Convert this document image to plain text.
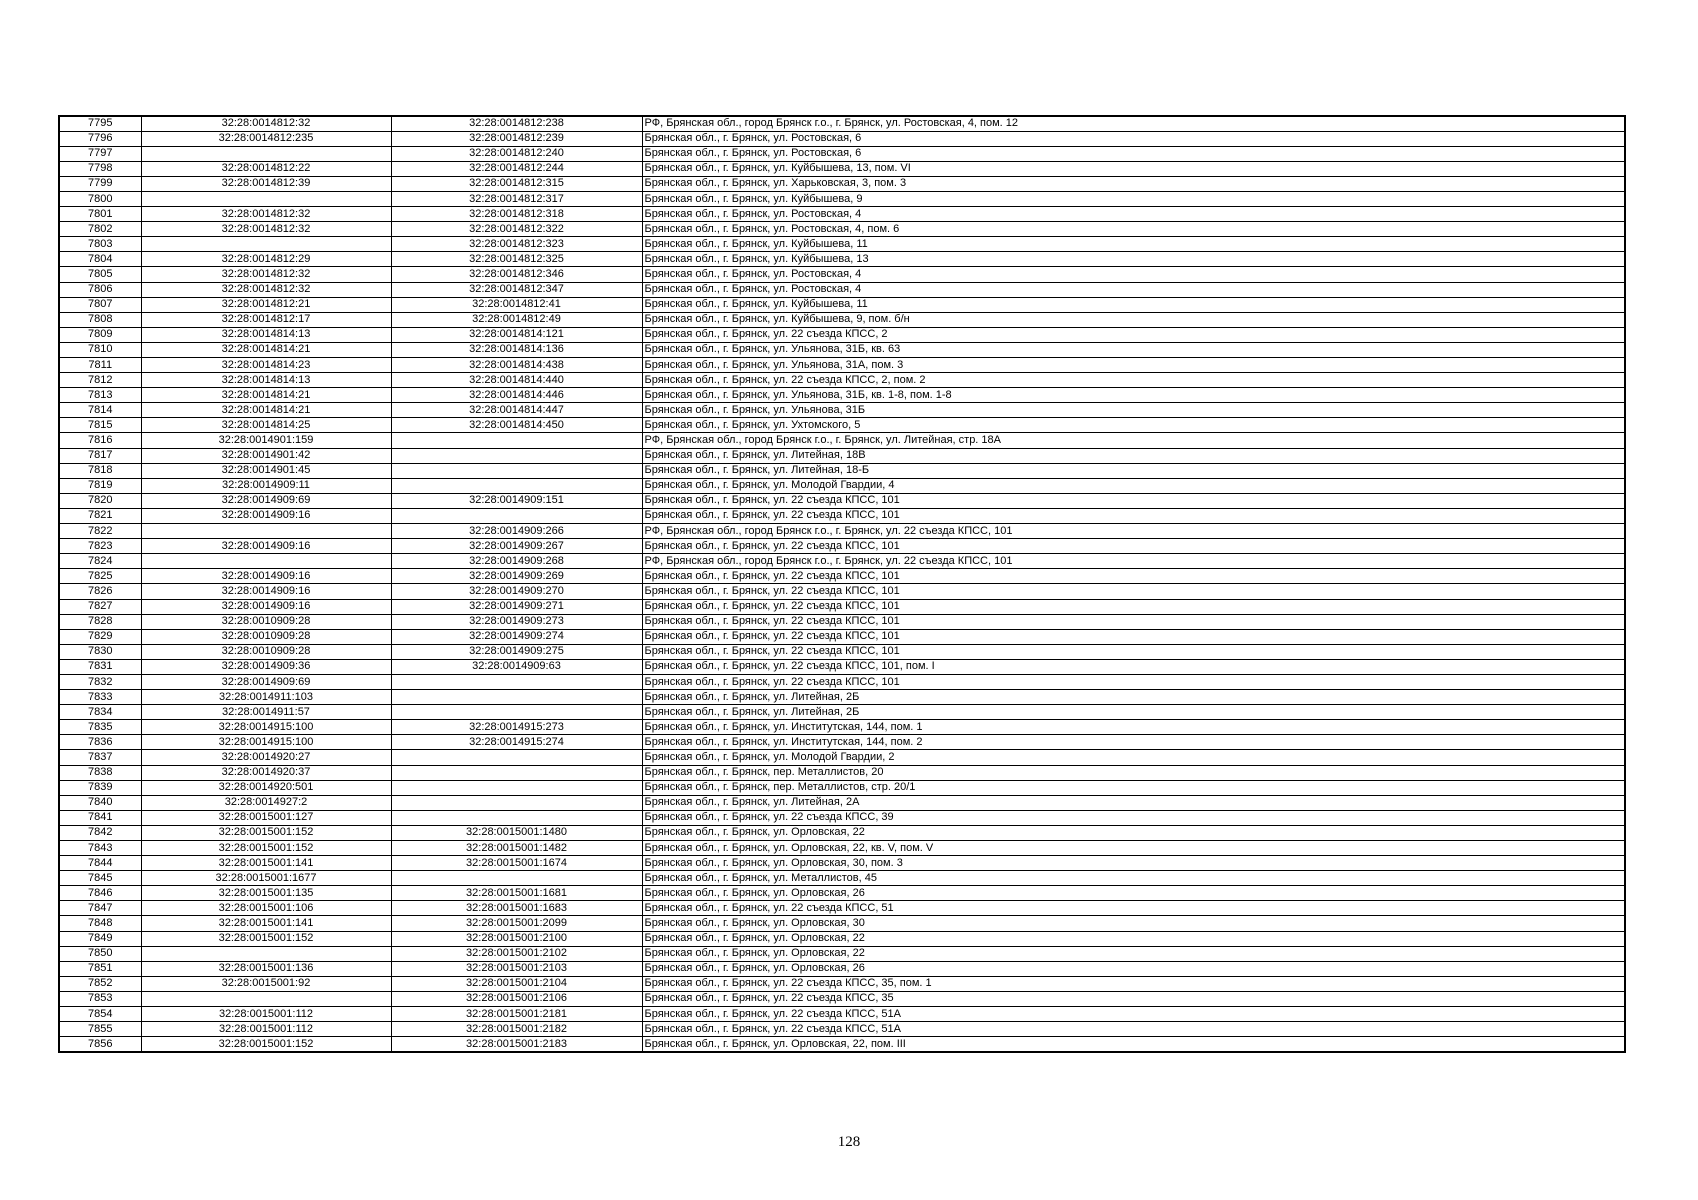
7795	32:28:0014812:32	32:28:0014812:238	РФ, Брянская обл., город Брянск г.о., г. Брянск, ул. Ростовская, 4, пом. 12
7796	32:28:0014812:235	32:28:0014812:239	Брянская обл., г. Брянск, ул. Ростовская, 6
7797		32:28:0014812:240	Брянская обл., г. Брянск, ул. Ростовская, 6
7798	32:28:0014812:22	32:28:0014812:244	Брянская обл., г. Брянск, ул. Куйбышева, 13, пом. VI
7799	32:28:0014812:39	32:28:0014812:315	Брянская обл., г. Брянск, ул. Харьковская, 3, пом. 3
7800		32:28:0014812:317	Брянская обл., г. Брянск, ул. Куйбышева, 9
7801	32:28:0014812:32	32:28:0014812:318	Брянская обл., г. Брянск, ул. Ростовская, 4
7802	32:28:0014812:32	32:28:0014812:322	Брянская обл., г. Брянск, ул. Ростовская, 4, пом. 6
7803		32:28:0014812:323	Брянская обл., г. Брянск, ул. Куйбышева, 11
7804	32:28:0014812:29	32:28:0014812:325	Брянская обл., г. Брянск, ул. Куйбышева, 13
7805	32:28:0014812:32	32:28:0014812:346	Брянская обл., г. Брянск, ул. Ростовская, 4
7806	32:28:0014812:32	32:28:0014812:347	Брянская обл., г. Брянск, ул. Ростовская, 4
7807	32:28:0014812:21	32:28:0014812:41	Брянская обл., г. Брянск, ул. Куйбышева, 11
7808	32:28:0014812:17	32:28:0014812:49	Брянская обл., г. Брянск, ул. Куйбышева, 9, пом. б/н
7809	32:28:0014814:13	32:28:0014814:121	Брянская обл., г. Брянск, ул. 22 съезда КПСС, 2
7810	32:28:0014814:21	32:28:0014814:136	Брянская обл., г. Брянск, ул. Ульянова, 31Б, кв. 63
7811	32:28:0014814:23	32:28:0014814:438	Брянская обл., г. Брянск, ул. Ульянова, 31А, пом. 3
7812	32:28:0014814:13	32:28:0014814:440	Брянская обл., г. Брянск, ул. 22 съезда КПСС, 2, пом. 2
7813	32:28:0014814:21	32:28:0014814:446	Брянская обл., г. Брянск, ул. Ульянова, 31Б, кв. 1-8, пом. 1-8
7814	32:28:0014814:21	32:28:0014814:447	Брянская обл., г. Брянск, ул. Ульянова, 31Б
7815	32:28:0014814:25	32:28:0014814:450	Брянская обл., г. Брянск, ул. Ухтомского, 5
7816	32:28:0014901:159		РФ, Брянская обл., город Брянск г.о., г. Брянск, ул. Литейная, стр. 18А
7817	32:28:0014901:42		Брянская обл., г. Брянск, ул. Литейная, 18В
7818	32:28:0014901:45		Брянская обл., г. Брянск, ул. Литейная, 18-Б
7819	32:28:0014909:11		Брянская обл., г. Брянск, ул. Молодой Гвардии, 4
7820	32:28:0014909:69	32:28:0014909:151	Брянская обл., г. Брянск, ул. 22 съезда КПСС, 101
7821	32:28:0014909:16		Брянская обл., г. Брянск, ул. 22 съезда КПСС, 101
7822		32:28:0014909:266	РФ, Брянская обл., город Брянск г.о., г. Брянск, ул. 22 съезда КПСС, 101
7823	32:28:0014909:16	32:28:0014909:267	Брянская обл., г. Брянск, ул. 22 съезда КПСС, 101
7824		32:28:0014909:268	РФ, Брянская обл., город Брянск г.о., г. Брянск, ул. 22 съезда КПСС, 101
7825	32:28:0014909:16	32:28:0014909:269	Брянская обл., г. Брянск, ул. 22 съезда КПСС, 101
7826	32:28:0014909:16	32:28:0014909:270	Брянская обл., г. Брянск, ул. 22 съезда КПСС, 101
7827	32:28:0014909:16	32:28:0014909:271	Брянская обл., г. Брянск, ул. 22 съезда КПСС, 101
7828	32:28:0010909:28	32:28:0014909:273	Брянская обл., г. Брянск, ул. 22 съезда КПСС, 101
7829	32:28:0010909:28	32:28:0014909:274	Брянская обл., г. Брянск, ул. 22 съезда КПСС, 101
7830	32:28:0010909:28	32:28:0014909:275	Брянская обл., г. Брянск, ул. 22 съезда КПСС, 101
7831	32:28:0014909:36	32:28:0014909:63	Брянская обл., г. Брянск, ул. 22 съезда КПСС, 101, пом. I
7832	32:28:0014909:69		Брянская обл., г. Брянск, ул. 22 съезда КПСС, 101
7833	32:28:0014911:103		Брянская обл., г. Брянск, ул. Литейная, 2Б
7834	32:28:0014911:57		Брянская обл., г. Брянск, ул. Литейная, 2Б
7835	32:28:0014915:100	32:28:0014915:273	Брянская обл., г. Брянск, ул. Институтская, 144, пом. 1
7836	32:28:0014915:100	32:28:0014915:274	Брянская обл., г. Брянск, ул. Институтская, 144, пом. 2
7837	32:28:0014920:27		Брянская обл., г. Брянск, ул. Молодой Гвардии, 2
7838	32:28:0014920:37		Брянская обл., г. Брянск, пер. Металлистов, 20
7839	32:28:0014920:501		Брянская обл., г. Брянск, пер. Металлистов, стр. 20/1
7840	32:28:0014927:2		Брянская обл., г. Брянск, ул. Литейная, 2А
7841	32:28:0015001:127		Брянская обл., г. Брянск, ул. 22 съезда КПСС, 39
7842	32:28:0015001:152	32:28:0015001:1480	Брянская обл., г. Брянск, ул. Орловская, 22
7843	32:28:0015001:152	32:28:0015001:1482	Брянская обл., г. Брянск, ул. Орловская, 22, кв. V, пом. V
7844	32:28:0015001:141	32:28:0015001:1674	Брянская обл., г. Брянск, ул. Орловская, 30, пом. 3
7845	32:28:0015001:1677		Брянская обл., г. Брянск, ул. Металлистов, 45
7846	32:28:0015001:135	32:28:0015001:1681	Брянская обл., г. Брянск, ул. Орловская, 26
7847	32:28:0015001:106	32:28:0015001:1683	Брянская обл., г. Брянск, ул. 22 съезда КПСС, 51
7848	32:28:0015001:141	32:28:0015001:2099	Брянская обл., г. Брянск, ул. Орловская, 30
7849	32:28:0015001:152	32:28:0015001:2100	Брянская обл., г. Брянск, ул. Орловская, 22
7850		32:28:0015001:2102	Брянская обл., г. Брянск, ул. Орловская, 22
7851	32:28:0015001:136	32:28:0015001:2103	Брянская обл., г. Брянск, ул. Орловская, 26
7852	32:28:0015001:92	32:28:0015001:2104	Брянская обл., г. Брянск, ул. 22 съезда КПСС, 35, пом. 1
7853		32:28:0015001:2106	Брянская обл., г. Брянск, ул. 22 съезда КПСС, 35
7854	32:28:0015001:112	32:28:0015001:2181	Брянская обл., г. Брянск, ул. 22 съезда КПСС, 51А
7855	32:28:0015001:112	32:28:0015001:2182	Брянская обл., г. Брянск, ул. 22 съезда КПСС, 51А
7856	32:28:0015001:152	32:28:0015001:2183	Брянская обл., г. Брянск, ул. Орловская, 22, пом. III
128
